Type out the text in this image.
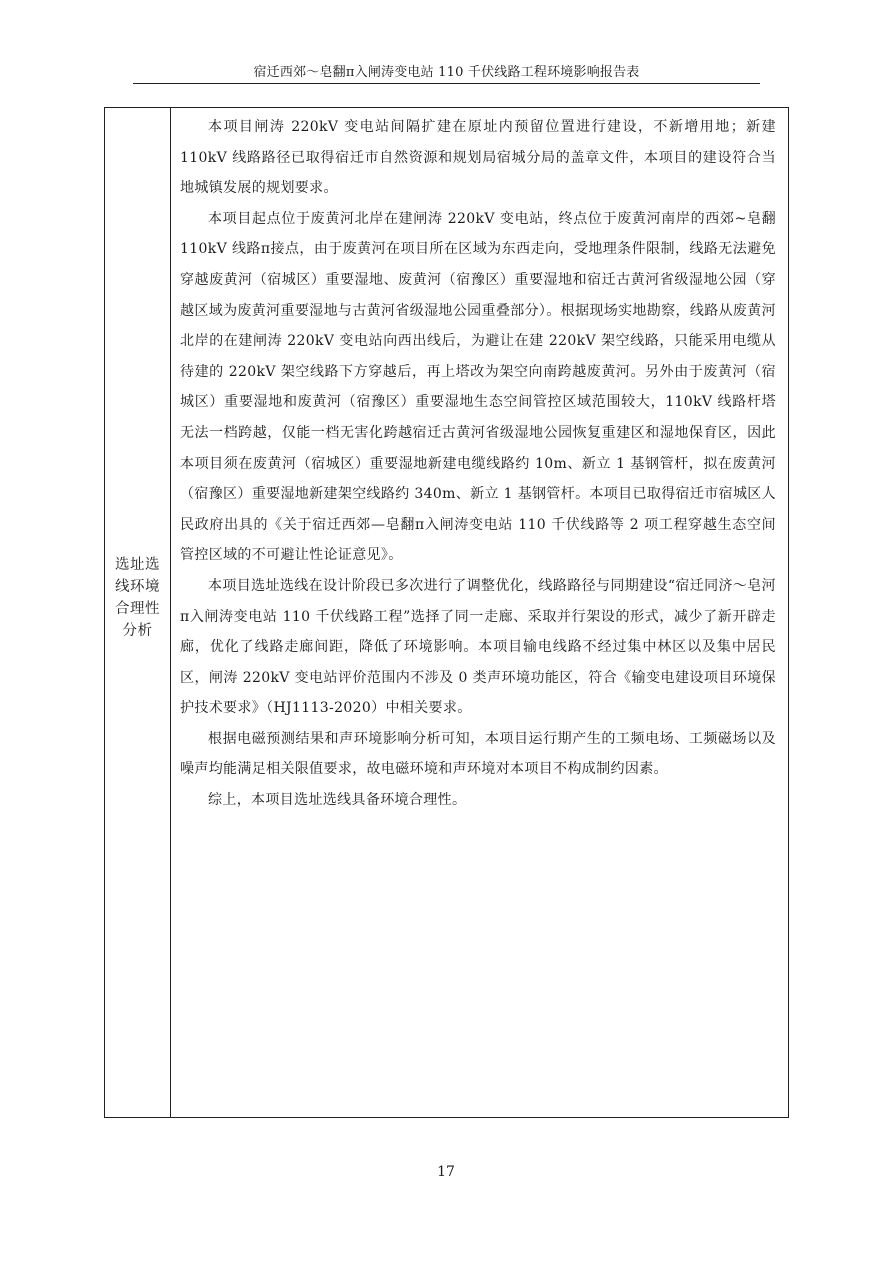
宿迁西郊～皂翻π入闸涛变电站 110 千伏线路工程环境影响报告表
选址选线环境合理性分析

本项目闸涛 220kV 变电站间隔扩建在原址内预留位置进行建设，不新增用地；新建 110kV 线路路径已取得宿迁市自然资源和规划局宿城分局的盖章文件，本项目的建设符合当地城镇发展的规划要求。

本项目起点位于废黄河北岸在建闸涛 220kV 变电站，终点位于废黄河南岸的西郊~皂翻 110kV 线路π接点，由于废黄河在项目所在区域为东西走向，受地理条件限制，线路无法避免穿越废黄河（宿城区）重要湿地、废黄河（宿豫区）重要湿地和宿迁古黄河省级湿地公园（穿越区域为废黄河重要湿地与古黄河省级湿地公园重叠部分）。根据现场实地勘察，线路从废黄河北岸的在建闸涛 220kV 变电站向西出线后，为避让在建 220kV 架空线路，只能采用电缆从待建的 220kV 架空线路下方穿越后，再上塔改为架空向南跨越废黄河。另外由于废黄河（宿城区）重要湿地和废黄河（宿豫区）重要湿地生态空间管控区域范围较大，110kV 线路杆塔无法一档跨越，仅能一档无害化跨越宿迁古黄河省级湿地公园恢复重建区和湿地保育区，因此本项目须在废黄河（宿城区）重要湿地新建电缆线路约 10m、新立 1 基钢管杆，拟在废黄河（宿豫区）重要湿地新建架空线路约 340m、新立 1 基钢管杆。本项目已取得宿迁市宿城区人民政府出具的《关于宿迁西郊—皂翻π入闸涛变电站 110 千伏线路等 2 项工程穿越生态空间管控区域的不可避让性论证意见》。

本项目选址选线在设计阶段已多次进行了调整优化，线路路径与同期建设“宿迁同济～皂河π入闸涛变电站 110 千伏线路工程”选择了同一走廊、采取并行架设的形式，减少了新开辟走廊，优化了线路走廊间距，降低了环境影响。本项目输电线路不经过集中林区以及集中居民区，闸涛 220kV 变电站评价范围内不涉及 0 类声环境功能区，符合《输变电建设项目环境保护技术要求》（HJ1113-2020）中相关要求。

根据电磁预测结果和声环境影响分析可知，本项目运行期产生的工频电场、工频磁场以及噪声均能满足相关限值要求，故电磁环境和声环境对本项目不构成制约因素。

综上，本项目选址选线具备环境合理性。

17
